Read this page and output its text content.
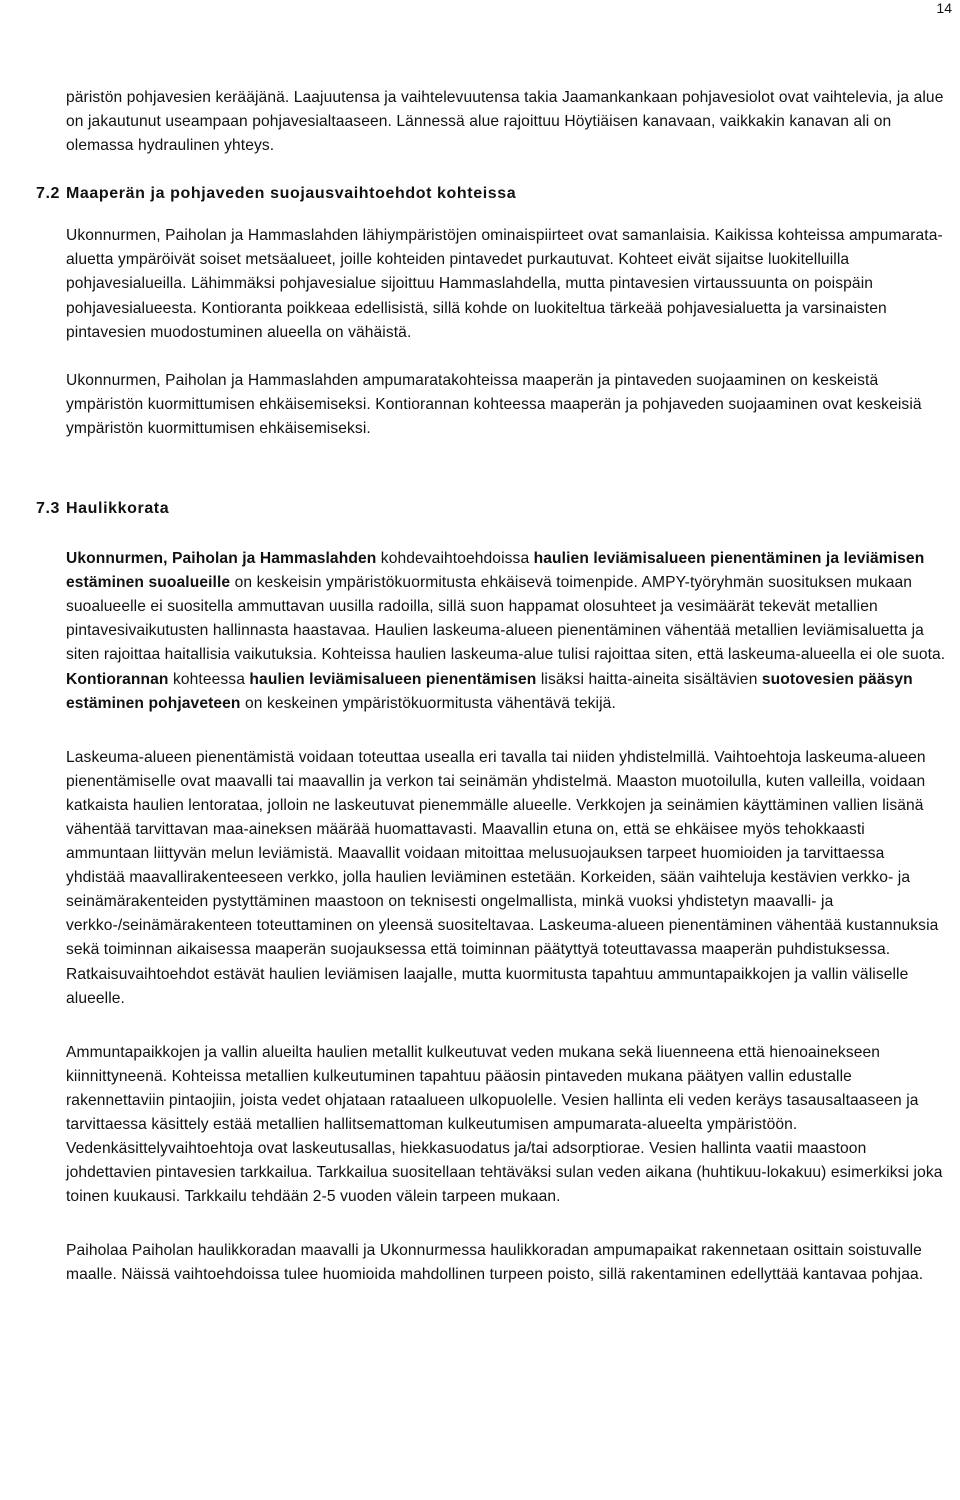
14

päristön pohjavesien kerääjänä. Laajuutensa ja vaihtelevuutensa takia Jaamankankaan pohjavesiolot ovat vaihtelevia, ja alue on jakautunut useampaan pohjavesialtaaseen. Lännessä alue rajoittuu Höytiäisen kanavaan, vaikkakin kanavan ali on olemassa hydraulinen yhteys.

7.2 Maaperän ja pohjaveden suojausvaihtoehdot kohteissa

Ukonnurmen, Paiholan ja Hammaslahden lähiympäristöjen ominaispiirteet ovat samanlaisia. Kaikissa kohteissa ampumarata-aluetta ympäröivät soiset metsäalueet, joille kohteiden pintavedet purkautuvat. Kohteet eivät sijaitse luokitelluilla pohjavesialueilla. Lähimmäksi pohjavesialue sijoittuu Hammaslahdella, mutta pintavesien virtaussuunta on poispäin pohjavesialueesta. Kontioranta poikkeaa edellisistä, sillä kohde on luokiteltua tärkeää pohjavesialuetta ja varsinaisten pintavesien muodostuminen alueella on vähäistä.

Ukonnurmen, Paiholan ja Hammaslahden ampumaratakohteissa maaperän ja pintaveden suojaaminen on keskeistä ympäristön kuormittumisen ehkäisemiseksi. Kontiorannan kohteessa maaperän ja pohjaveden suojaaminen ovat keskeisiä ympäristön kuormittumisen ehkäisemiseksi.

7.3 Haulikkorata

Ukonnurmen, Paiholan ja Hammaslahden kohdevaihtoehdoissa haulien leviämisalueen pienentäminen ja leviämisen estäminen suoalueille on keskeisin ympäristökuormitusta ehkäisevä toimenpide. AMPY-työryhmän suosituksen mukaan suoalueelle ei suositella ammuttavan uusilla radoilla, sillä suon happamat olosuhteet ja vesimäärät tekevät metallien pintavesivaikutusten hallinnasta haastavaa. Haulien laskeuma-alueen pienentäminen vähentää metallien leviämisaluetta ja siten rajoittaa haitallisia vaikutuksia. Kohteissa haulien laskeuma-alue tulisi rajoittaa siten, että laskeuma-alueella ei ole suota. Kontiorannan kohteessa haulien leviämisalueen pienentämisen lisäksi haitta-aineita sisältävien suotovesien pääsyn estäminen pohjaveteen on keskeinen ympäristökuormitusta vähentävä tekijä.

Laskeuma-alueen pienentämistä voidaan toteuttaa usealla eri tavalla tai niiden yhdistelmillä. Vaihtoehtoja laskeuma-alueen pienentämiselle ovat maavalli tai maavallin ja verkon tai seinämän yhdistelmä. Maaston muotoilulla, kuten valleilla, voidaan katkaista haulien lentorataa, jolloin ne laskeutuvat pienemmälle alueelle. Verkkojen ja seinämien käyttäminen vallien lisänä vähentää tarvittavan maa-aineksen määrää huomattavasti. Maavallin etuna on, että se ehkäisee myös tehokkaasti ammuntaan liittyvän melun leviämistä. Maavallit voidaan mitoittaa melusuojauksen tarpeet huomioiden ja tarvittaessa yhdistää maavallirakenteeseen verkko, jolla haulien leviäminen estetään. Korkeiden, sään vaihteluja kestävien verkko- ja seinämärakenteiden pystyttäminen maastoon on teknisesti ongelmallista, minkä vuoksi yhdistetyn maavalli- ja verkko-/seinämärakenteen toteuttaminen on yleensä suositeltavaa. Laskeuma-alueen pienentäminen vähentää kustannuksia sekä toiminnan aikaisessa maaperän suojauksessa että toiminnan päätyttyä toteuttavassa maaperän puhdistuksessa. Ratkaisuvaihtoehdot estävät haulien leviämisen laajalle, mutta kuormitusta tapahtuu ammuntapaikkojen ja vallin väliselle alueelle.

Ammuntapaikkojen ja vallin alueilta haulien metallit kulkeutuvat veden mukana sekä liuenneena että hienoainekseen kiinnittyneenä. Kohteissa metallien kulkeutuminen tapahtuu pääosin pintaveden mukana päätyen vallin edustalle rakennettaviin pintaojiin, joista vedet ohjataan rataalueen ulkopuolelle. Vesien hallinta eli veden keräys tasausaltaaseen ja tarvittaessa käsittely estää metallien hallitsemattoman kulkeutumisen ampumarata-alueelta ympäristöön. Vedenkäsittelyvaihtoehtoja ovat laskeutusallas, hiekkasuodatus ja/tai adsorptiorae. Vesien hallinta vaatii maastoon johdettavien pintavesien tarkkailua. Tarkkailua suositellaan tehtäväksi sulan veden aikana (huhtikuu-lokakuu) esimerkiksi joka toinen kuukausi. Tarkkailu tehdään 2-5 vuoden välein tarpeen mukaan.

Paiholaa Paiholan haulikkoradan maavalli ja Ukonnurmessa haulikkoradan ampumapaikat rakennetaan osittain soistuvalle maalle. Näissä vaihtoehdoissa tulee huomioida mahdollinen turpeen poisto, sillä rakentaminen edellyttää kantavaa pohjaa.
